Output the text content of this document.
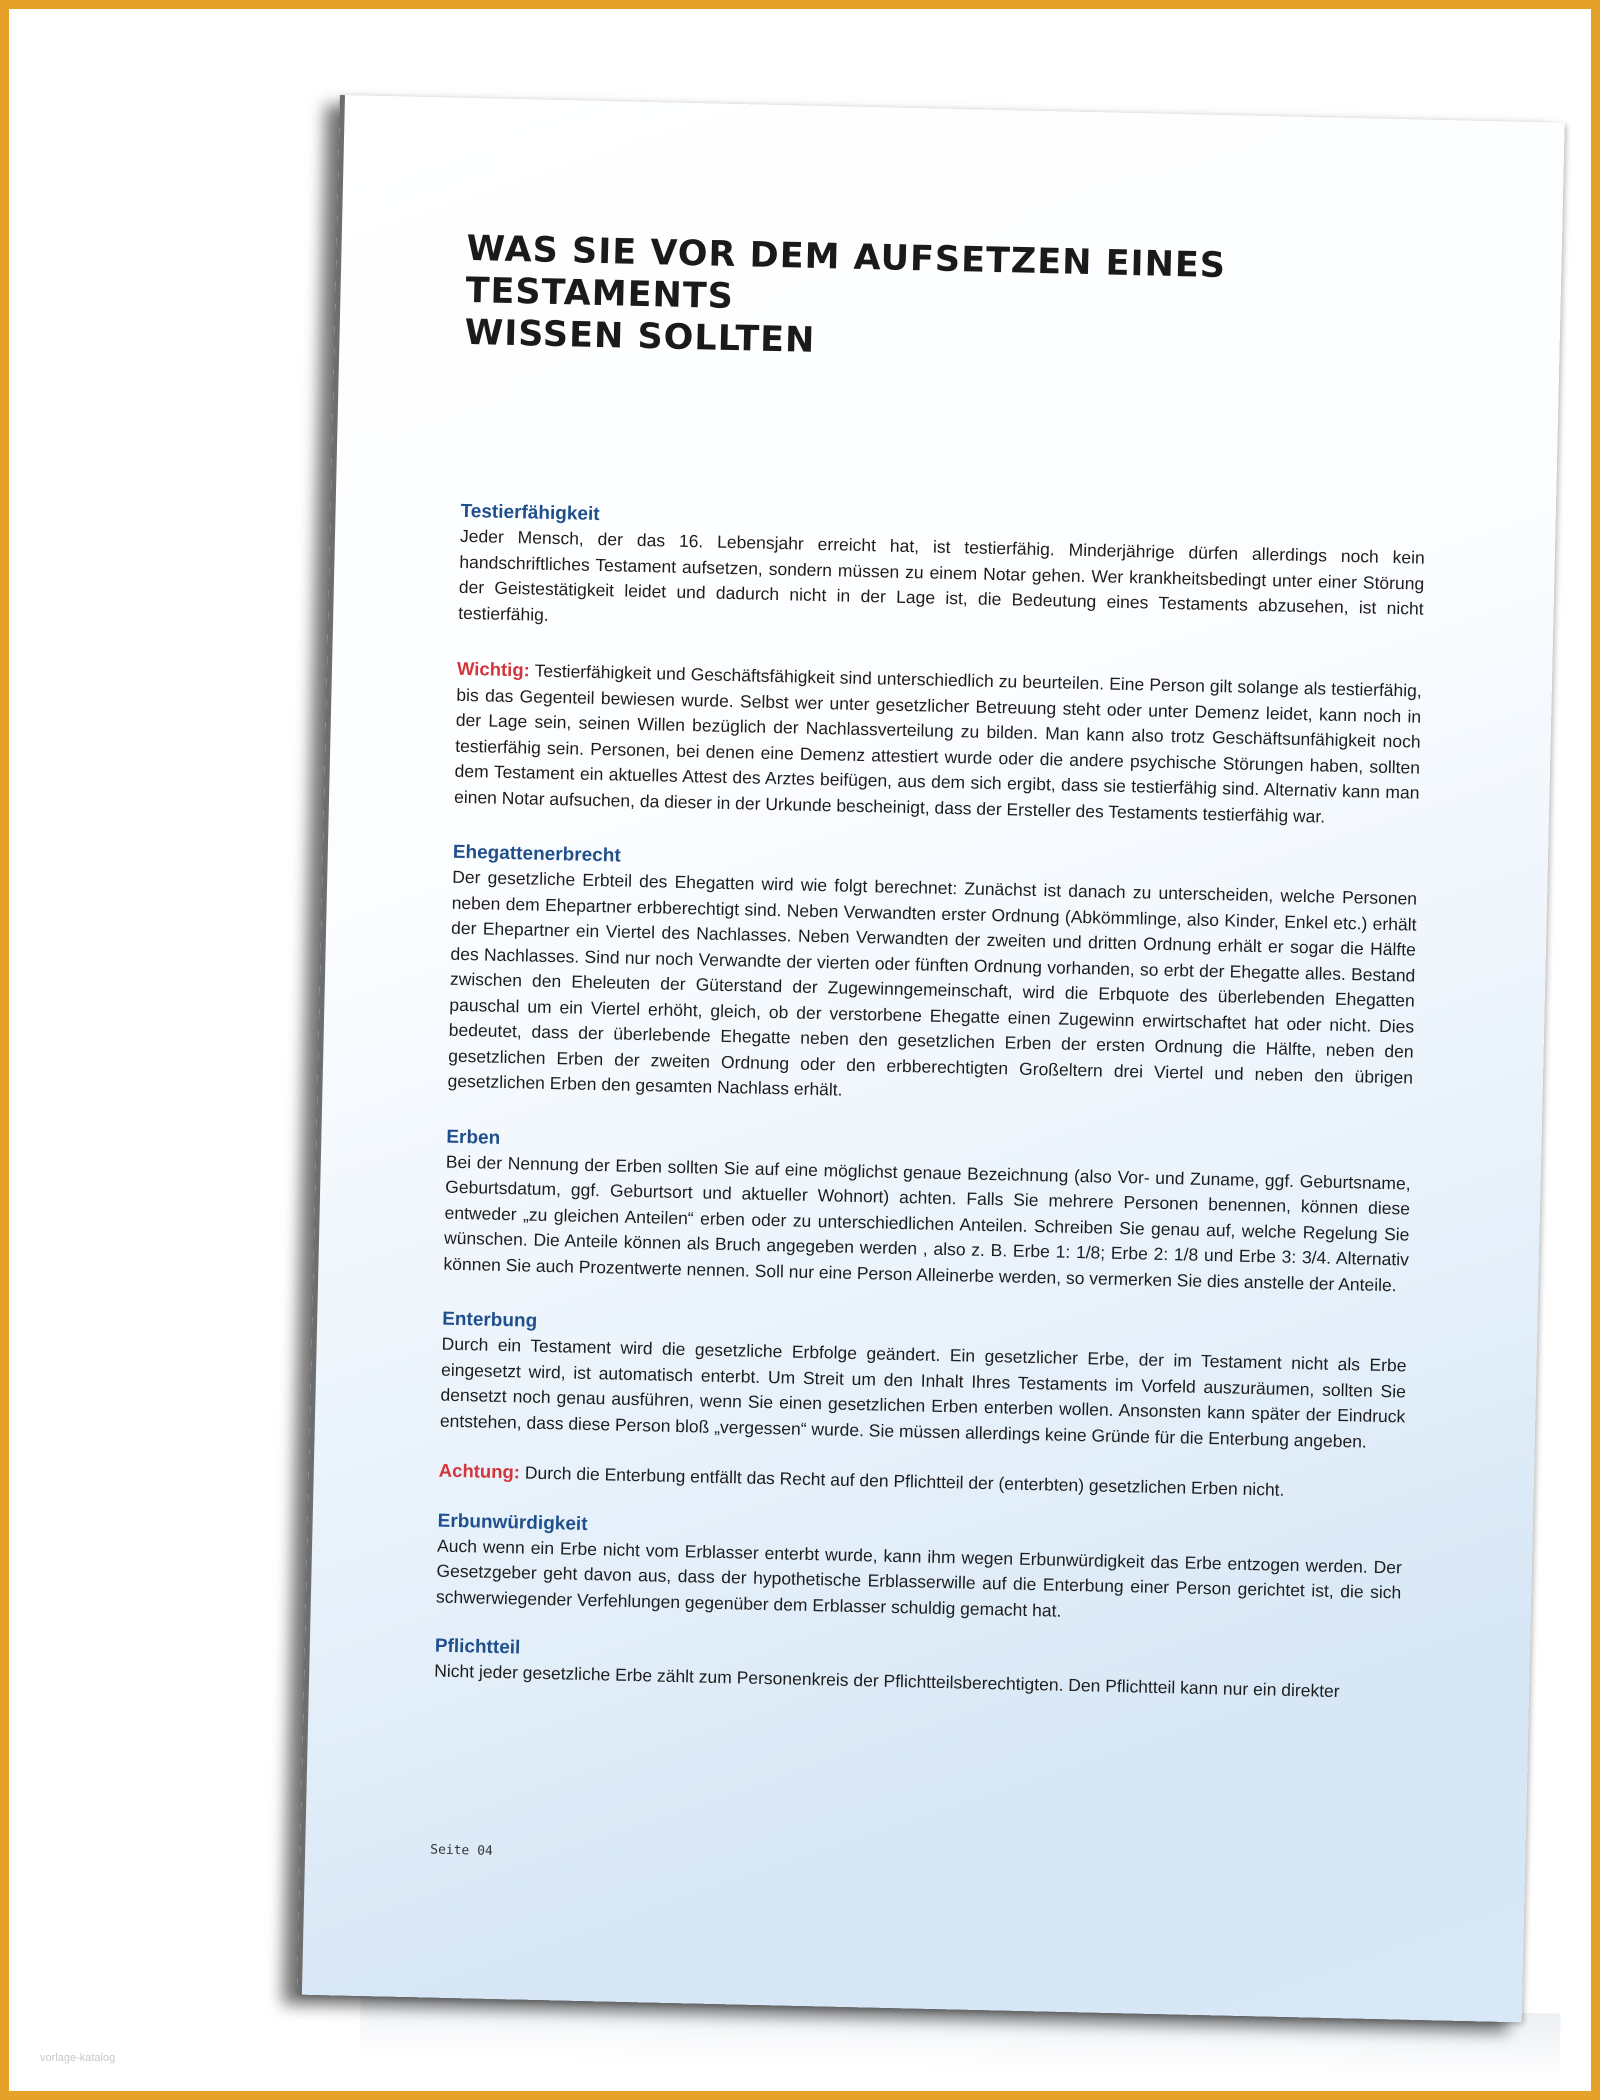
WAS SIE VOR DEM AUFSETZEN EINES TESTAMENTS
WISSEN SOLLTEN

Testierfähigkeit

Jeder Mensch, der das 16. Lebensjahr erreicht hat, ist testierfähig. Minderjährige dürfen allerdings noch kein handschriftliches Testament aufsetzen, sondern müssen zu einem Notar gehen. Wer krankheitsbedingt unter einer Störung der Geistestätigkeit leidet und dadurch nicht in der Lage ist, die Bedeutung eines Testaments abzusehen, ist nicht testierfähig.

Wichtig: Testierfähigkeit und Geschäftsfähigkeit sind unterschiedlich zu beurteilen. Eine Person gilt solange als testierfähig, bis das Gegenteil bewiesen wurde. Selbst wer unter gesetzlicher Betreuung steht oder unter Demenz leidet, kann noch in der Lage sein, seinen Willen bezüglich der Nachlassverteilung zu bilden. Man kann also trotz Geschäftsunfähigkeit noch testierfähig sein. Personen, bei denen eine Demenz attestiert wurde oder die andere psychische Störungen haben, sollten dem Testament ein aktuelles Attest des Arztes beifügen, aus dem sich ergibt, dass sie testierfähig sind. Alternativ kann man einen Notar aufsuchen, da dieser in der Urkunde bescheinigt, dass der Ersteller des Testaments testierfähig war.

Ehegattenerbrecht

Der gesetzliche Erbteil des Ehegatten wird wie folgt berechnet: Zunächst ist danach zu unterscheiden, welche Personen neben dem Ehepartner erbberechtigt sind. Neben Verwandten erster Ordnung (Abkömmlinge, also Kinder, Enkel etc.) erhält der Ehepartner ein Viertel des Nachlasses. Neben Verwandten der zweiten und dritten Ordnung erhält er sogar die Hälfte des Nachlasses. Sind nur noch Verwandte der vierten oder fünften Ordnung vorhanden, so erbt der Ehegatte alles. Bestand zwischen den Eheleuten der Güterstand der Zugewinngemeinschaft, wird die Erbquote des überlebenden Ehegatten pauschal um ein Viertel erhöht, gleich, ob der verstorbene Ehegatte einen Zugewinn erwirtschaftet hat oder nicht. Dies bedeutet, dass der überlebende Ehegatte neben den gesetzlichen Erben der ersten Ordnung die Hälfte, neben den gesetzlichen Erben der zweiten Ordnung oder den erbberechtigten Großeltern drei Viertel und neben den übrigen gesetzlichen Erben den gesamten Nachlass erhält.

Erben

Bei der Nennung der Erben sollten Sie auf eine möglichst genaue Bezeichnung (also Vor- und Zuname, ggf. Geburtsname, Geburtsdatum, ggf. Geburtsort und aktueller Wohnort) achten. Falls Sie mehrere Personen benennen, können diese entweder „zu gleichen Anteilen“ erben oder zu unterschiedlichen Anteilen. Schreiben Sie genau auf, welche Regelung Sie wünschen. Die Anteile können als Bruch angegeben werden , also z. B. Erbe 1: 1/8; Erbe 2: 1/8 und Erbe 3: 3/4. Alternativ können Sie auch Prozentwerte nennen. Soll nur eine Person Alleinerbe werden, so vermerken Sie dies anstelle der Anteile.

Enterbung

Durch ein Testament wird die gesetzliche Erbfolge geändert. Ein gesetzlicher Erbe, der im Testament nicht als Erbe eingesetzt wird, ist automatisch enterbt. Um Streit um den Inhalt Ihres Testaments im Vorfeld auszuräumen, sollten Sie densetzt noch genau ausführen, wenn Sie einen gesetzlichen Erben enterben wollen. Ansonsten kann später der Eindruck entstehen, dass diese Person bloß „vergessen“ wurde. Sie müssen allerdings keine Gründe für die Enterbung angeben.

Achtung: Durch die Enterbung entfällt das Recht auf den Pflichtteil der (enterbten) gesetzlichen Erben nicht.

Erbunwürdigkeit

Auch wenn ein Erbe nicht vom Erblasser enterbt wurde, kann ihm wegen Erbunwürdigkeit das Erbe entzogen werden. Der Gesetzgeber geht davon aus, dass der hypothetische Erblasserwille auf die Enterbung einer Person gerichtet ist, die sich schwerwiegender Verfehlungen gegenüber dem Erblasser schuldig gemacht hat.

Pflichtteil

Nicht jeder gesetzliche Erbe zählt zum Personenkreis der Pflichtteilsberechtigten. Den Pflichtteil kann nur ein direkter

Seite 04
vorlage-katalog
